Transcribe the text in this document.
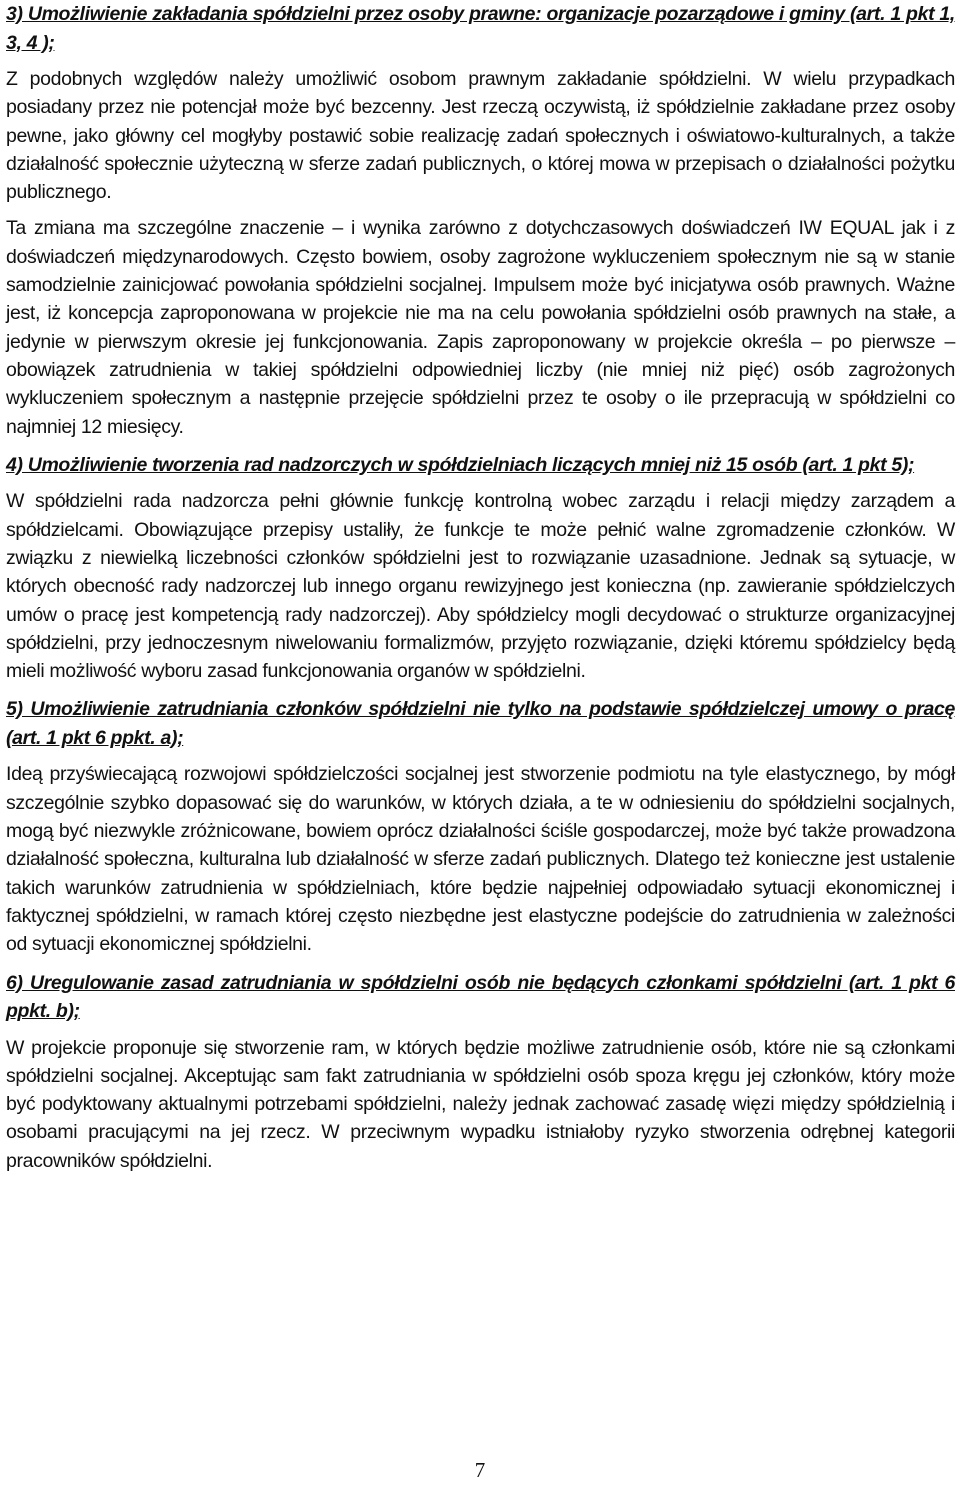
3) Umożliwienie zakładania spółdzielni przez osoby prawne: organizacje pozarządowe i gminy (art. 1 pkt 1, 3, 4 );

Z podobnych względów należy umożliwić osobom prawnym zakładanie spółdzielni. W wielu przypadkach posiadany przez nie potencjał może być bezcenny. Jest rzeczą oczywistą, iż spółdzielnie zakładane przez osoby pewne, jako główny cel mogłyby postawić sobie realizację zadań społecznych i oświatowo-kulturalnych, a także działalność społecznie użyteczną w sferze zadań publicznych, o której mowa w przepisach o działalności pożytku publicznego.

Ta zmiana ma szczególne znaczenie – i wynika zarówno z dotychczasowych doświadczeń IW EQUAL jak i z doświadczeń międzynarodowych. Często bowiem, osoby zagrożone wykluczeniem społecznym nie są w stanie samodzielnie zainicjować powołania spółdzielni socjalnej. Impulsem może być inicjatywa osób prawnych. Ważne jest, iż koncepcja zaproponowana w projekcie nie ma na celu powołania spółdzielni osób prawnych na stałe, a jedynie w pierwszym okresie jej funkcjonowania. Zapis zaproponowany w projekcie określa – po pierwsze – obowiązek zatrudnienia w takiej spółdzielni odpowiedniej liczby (nie mniej niż pięć) osób zagrożonych wykluczeniem społecznym a następnie przejęcie spółdzielni przez te osoby o ile przepracują w spółdzielni co najmniej 12 miesięcy.

4) Umożliwienie tworzenia rad nadzorczych w spółdzielniach liczących mniej niż 15 osób (art. 1 pkt 5);

W spółdzielni rada nadzorcza pełni głównie funkcję kontrolną wobec zarządu i relacji między zarządem a spółdzielcami. Obowiązujące przepisy ustaliły, że funkcje te może pełnić walne zgromadzenie członków. W związku z niewielką liczebności członków spółdzielni jest to rozwiązanie uzasadnione. Jednak są sytuacje, w których obecność rady nadzorczej lub innego organu rewizyjnego jest konieczna (np. zawieranie spółdzielczych umów o pracę jest kompetencją rady nadzorczej). Aby spółdzielcy mogli decydować o strukturze organizacyjnej spółdzielni, przy jednoczesnym niwelowaniu formalizmów, przyjęto rozwiązanie, dzięki któremu spółdzielcy będą mieli możliwość wyboru zasad funkcjonowania organów w spółdzielni.

5) Umożliwienie zatrudniania członków spółdzielni nie tylko na podstawie spółdzielczej umowy o pracę (art. 1 pkt 6 ppkt. a);

Ideą przyświecającą rozwojowi spółdzielczości socjalnej jest stworzenie podmiotu na tyle elastycznego, by mógł szczególnie szybko dopasować się do warunków, w których działa, a te w odniesieniu do spółdzielni socjalnych, mogą być niezwykle zróżnicowane, bowiem oprócz działalności ściśle gospodarczej, może być także prowadzona działalność społeczna, kulturalna lub działalność w sferze zadań publicznych. Dlatego też konieczne jest ustalenie takich warunków zatrudnienia w spółdzielniach, które będzie najpełniej odpowiadało sytuacji ekonomicznej i faktycznej spółdzielni, w ramach której często niezbędne jest elastyczne podejście do zatrudnienia w zależności od sytuacji ekonomicznej spółdzielni.

6) Uregulowanie zasad zatrudniania w spółdzielni osób nie będących członkami spółdzielni (art. 1 pkt 6 ppkt. b);

W projekcie proponuje się stworzenie ram, w których będzie możliwe zatrudnienie osób, które nie są członkami spółdzielni socjalnej. Akceptując sam fakt zatrudniania w spółdzielni osób spoza kręgu jej członków, który może być podyktowany aktualnymi potrzebami spółdzielni, należy jednak zachować zasadę więzi między spółdzielnią i osobami pracującymi na jej rzecz. W przeciwnym wypadku istniałoby ryzyko stworzenia odrębnej kategorii pracowników spółdzielni.

7
